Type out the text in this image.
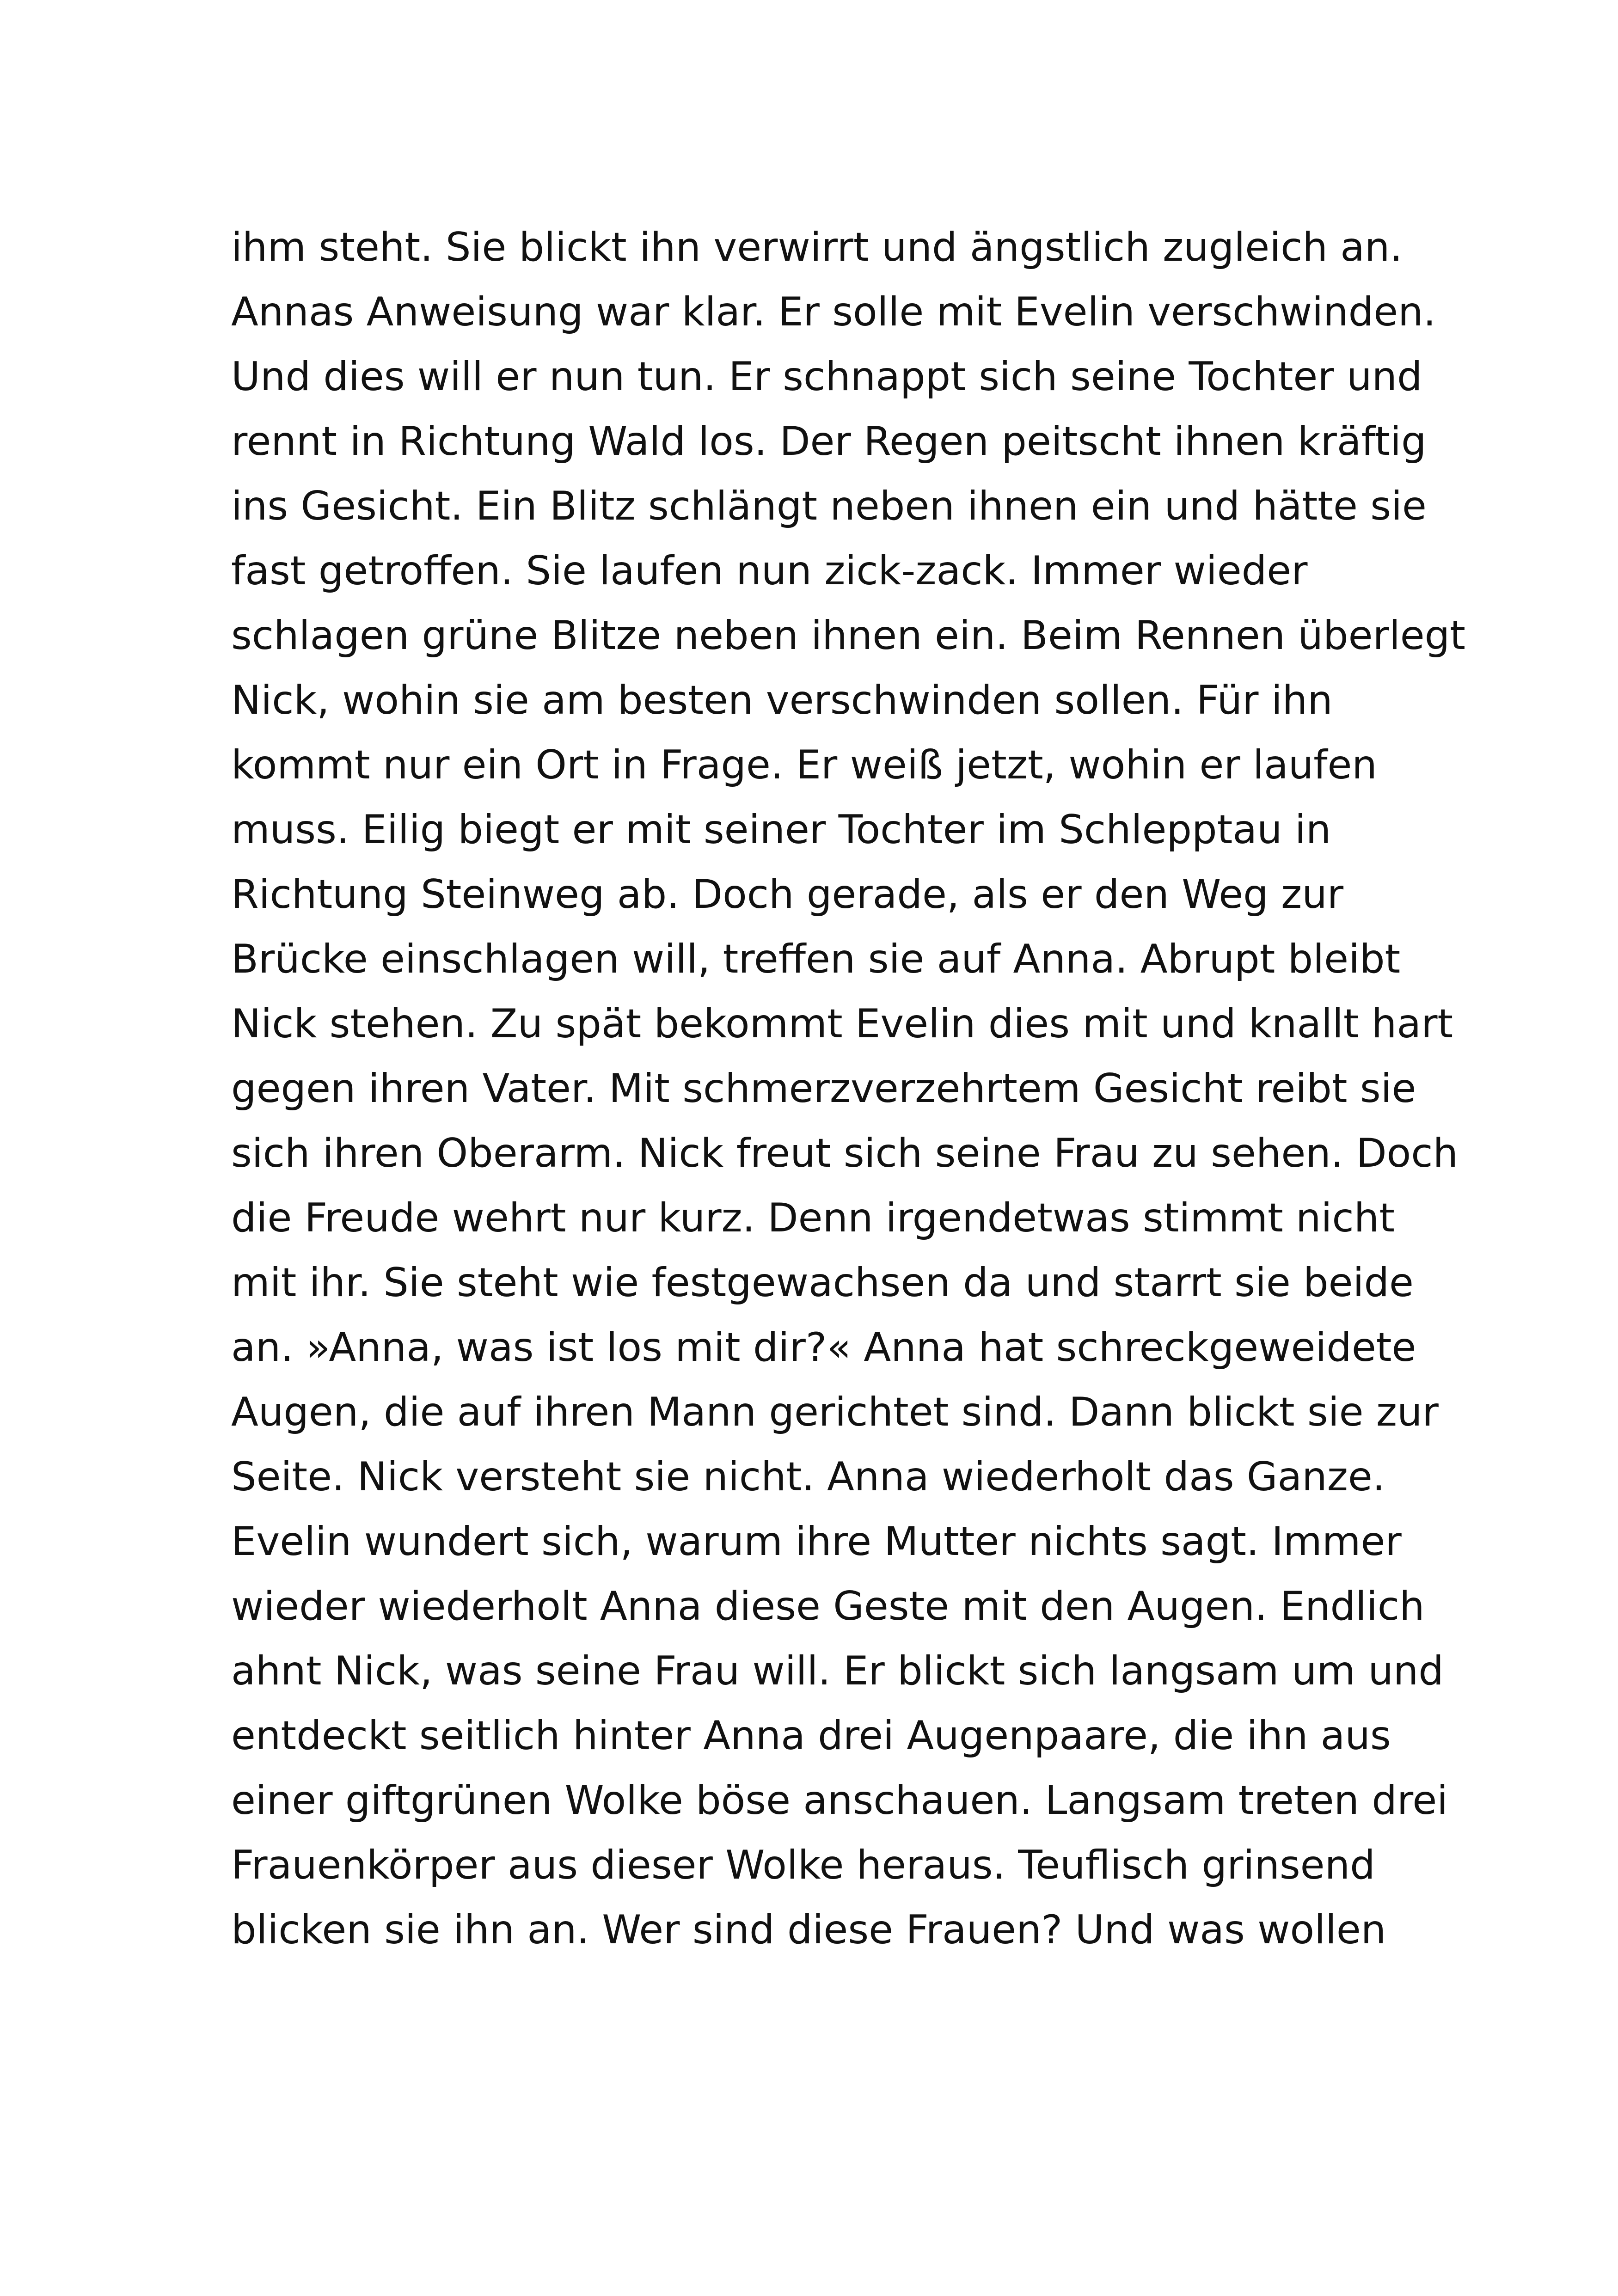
ihm steht. Sie blickt ihn verwirrt und ängstlich zugleich an.
Annas Anweisung war klar. Er solle mit Evelin verschwinden.
Und dies will er nun tun. Er schnappt sich seine Tochter und
rennt in Richtung Wald los. Der Regen peitscht ihnen kräftig
ins Gesicht. Ein Blitz schlängt neben ihnen ein und hätte sie
fast getroffen. Sie laufen nun zick-zack. Immer wieder
schlagen grüne Blitze neben ihnen ein. Beim Rennen überlegt
Nick, wohin sie am besten verschwinden sollen. Für ihn
kommt nur ein Ort in Frage. Er weiß jetzt, wohin er laufen
muss. Eilig biegt er mit seiner Tochter im Schlepptau in
Richtung Steinweg ab. Doch gerade, als er den Weg zur
Brücke einschlagen will, treffen sie auf Anna. Abrupt bleibt
Nick stehen. Zu spät bekommt Evelin dies mit und knallt hart
gegen ihren Vater. Mit schmerzverzehrtem Gesicht reibt sie
sich ihren Oberarm. Nick freut sich seine Frau zu sehen. Doch
die Freude wehrt nur kurz. Denn irgendetwas stimmt nicht
mit ihr. Sie steht wie festgewachsen da und starrt sie beide
an. »Anna, was ist los mit dir?« Anna hat schreckgeweidete
Augen, die auf ihren Mann gerichtet sind. Dann blickt sie zur
Seite. Nick versteht sie nicht. Anna wiederholt das Ganze.
Evelin wundert sich, warum ihre Mutter nichts sagt. Immer
wieder wiederholt Anna diese Geste mit den Augen. Endlich
ahnt Nick, was seine Frau will. Er blickt sich langsam um und
entdeckt seitlich hinter Anna drei Augenpaare, die ihn aus
einer giftgrünen Wolke böse anschauen. Langsam treten drei
Frauenkörper aus dieser Wolke heraus. Teuflisch grinsend
blicken sie ihn an. Wer sind diese Frauen? Und was wollen
